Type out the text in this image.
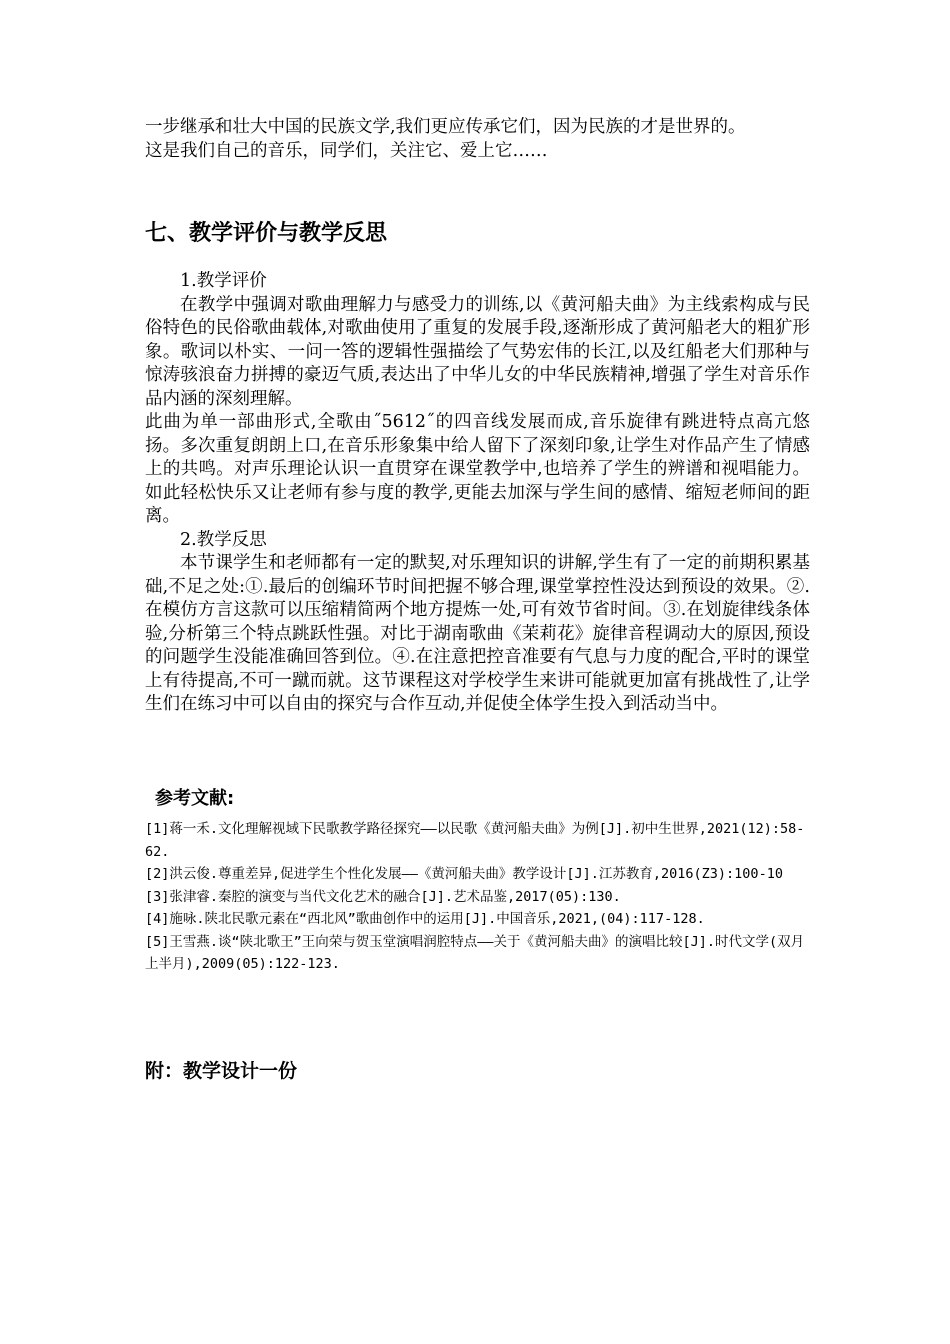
一步继承和壮大中国的民族文学,我们更应传承它们，因为民族的才是世界的。

这是我们自己的音乐，同学们，关注它、爱上它……

七、教学评价与教学反思

1.教学评价

在教学中强调对歌曲理解力与感受力的训练,以《黄河船夫曲》为主线索构成与民俗特色的民俗歌曲载体,对歌曲使用了重复的发展手段,逐渐形成了黄河船老大的粗犷形象。歌词以朴实、一问一答的逻辑性强描绘了气势宏伟的长江,以及红船老大们那种与惊涛骇浪奋力拼搏的豪迈气质,表达出了中华儿女的中华民族精神,增强了学生对音乐作品内涵的深刻理解。

此曲为单一部曲形式,全歌由˝5612˝的四音线发展而成,音乐旋律有跳进特点高亢悠扬。多次重复朗朗上口,在音乐形象集中给人留下了深刻印象,让学生对作品产生了情感上的共鸣。对声乐理论认识一直贯穿在课堂教学中,也培养了学生的辨谱和视唱能力。如此轻松快乐又让老师有参与度的教学,更能去加深与学生间的感情、缩短老师间的距离。

2.教学反思

本节课学生和老师都有一定的默契,对乐理知识的讲解,学生有了一定的前期积累基础,不足之处:①.最后的创编环节时间把握不够合理,课堂掌控性没达到预设的效果。②.在模仿方言这款可以压缩精简两个地方提炼一处,可有效节省时间。③.在划旋律线条体验,分析第三个特点跳跃性强。对比于湖南歌曲《茉莉花》旋律音程调动大的原因,预设的问题学生没能准确回答到位。④.在注意把控音准要有气息与力度的配合,平时的课堂上有待提高,不可一蹴而就。这节课程这对学校学生来讲可能就更加富有挑战性了,让学生们在练习中可以自由的探究与合作互动,并促使全体学生投入到活动当中。

参考文献:

[1]蒋一禾.文化理解视域下民歌教学路径探究——以民歌《黄河船夫曲》为例[J].初中生世界,2021(12):58-62.

[2]洪云俊.尊重差异,促进学生个性化发展——《黄河船夫曲》教学设计[J].江苏教育,2016(Z3):100-10

[3]张津睿.秦腔的演变与当代文化艺术的融合[J].艺术品鉴,2017(05):130.

[4]施咏.陕北民歌元素在“西北风”歌曲创作中的运用[J].中国音乐,2021,(04):117-128.

[5]王雪燕.谈“陕北歌王”王向荣与贺玉堂演唱润腔特点——关于《黄河船夫曲》的演唱比较[J].时代文学(双月上半月),2009(05):122-123.

附：教学设计一份
